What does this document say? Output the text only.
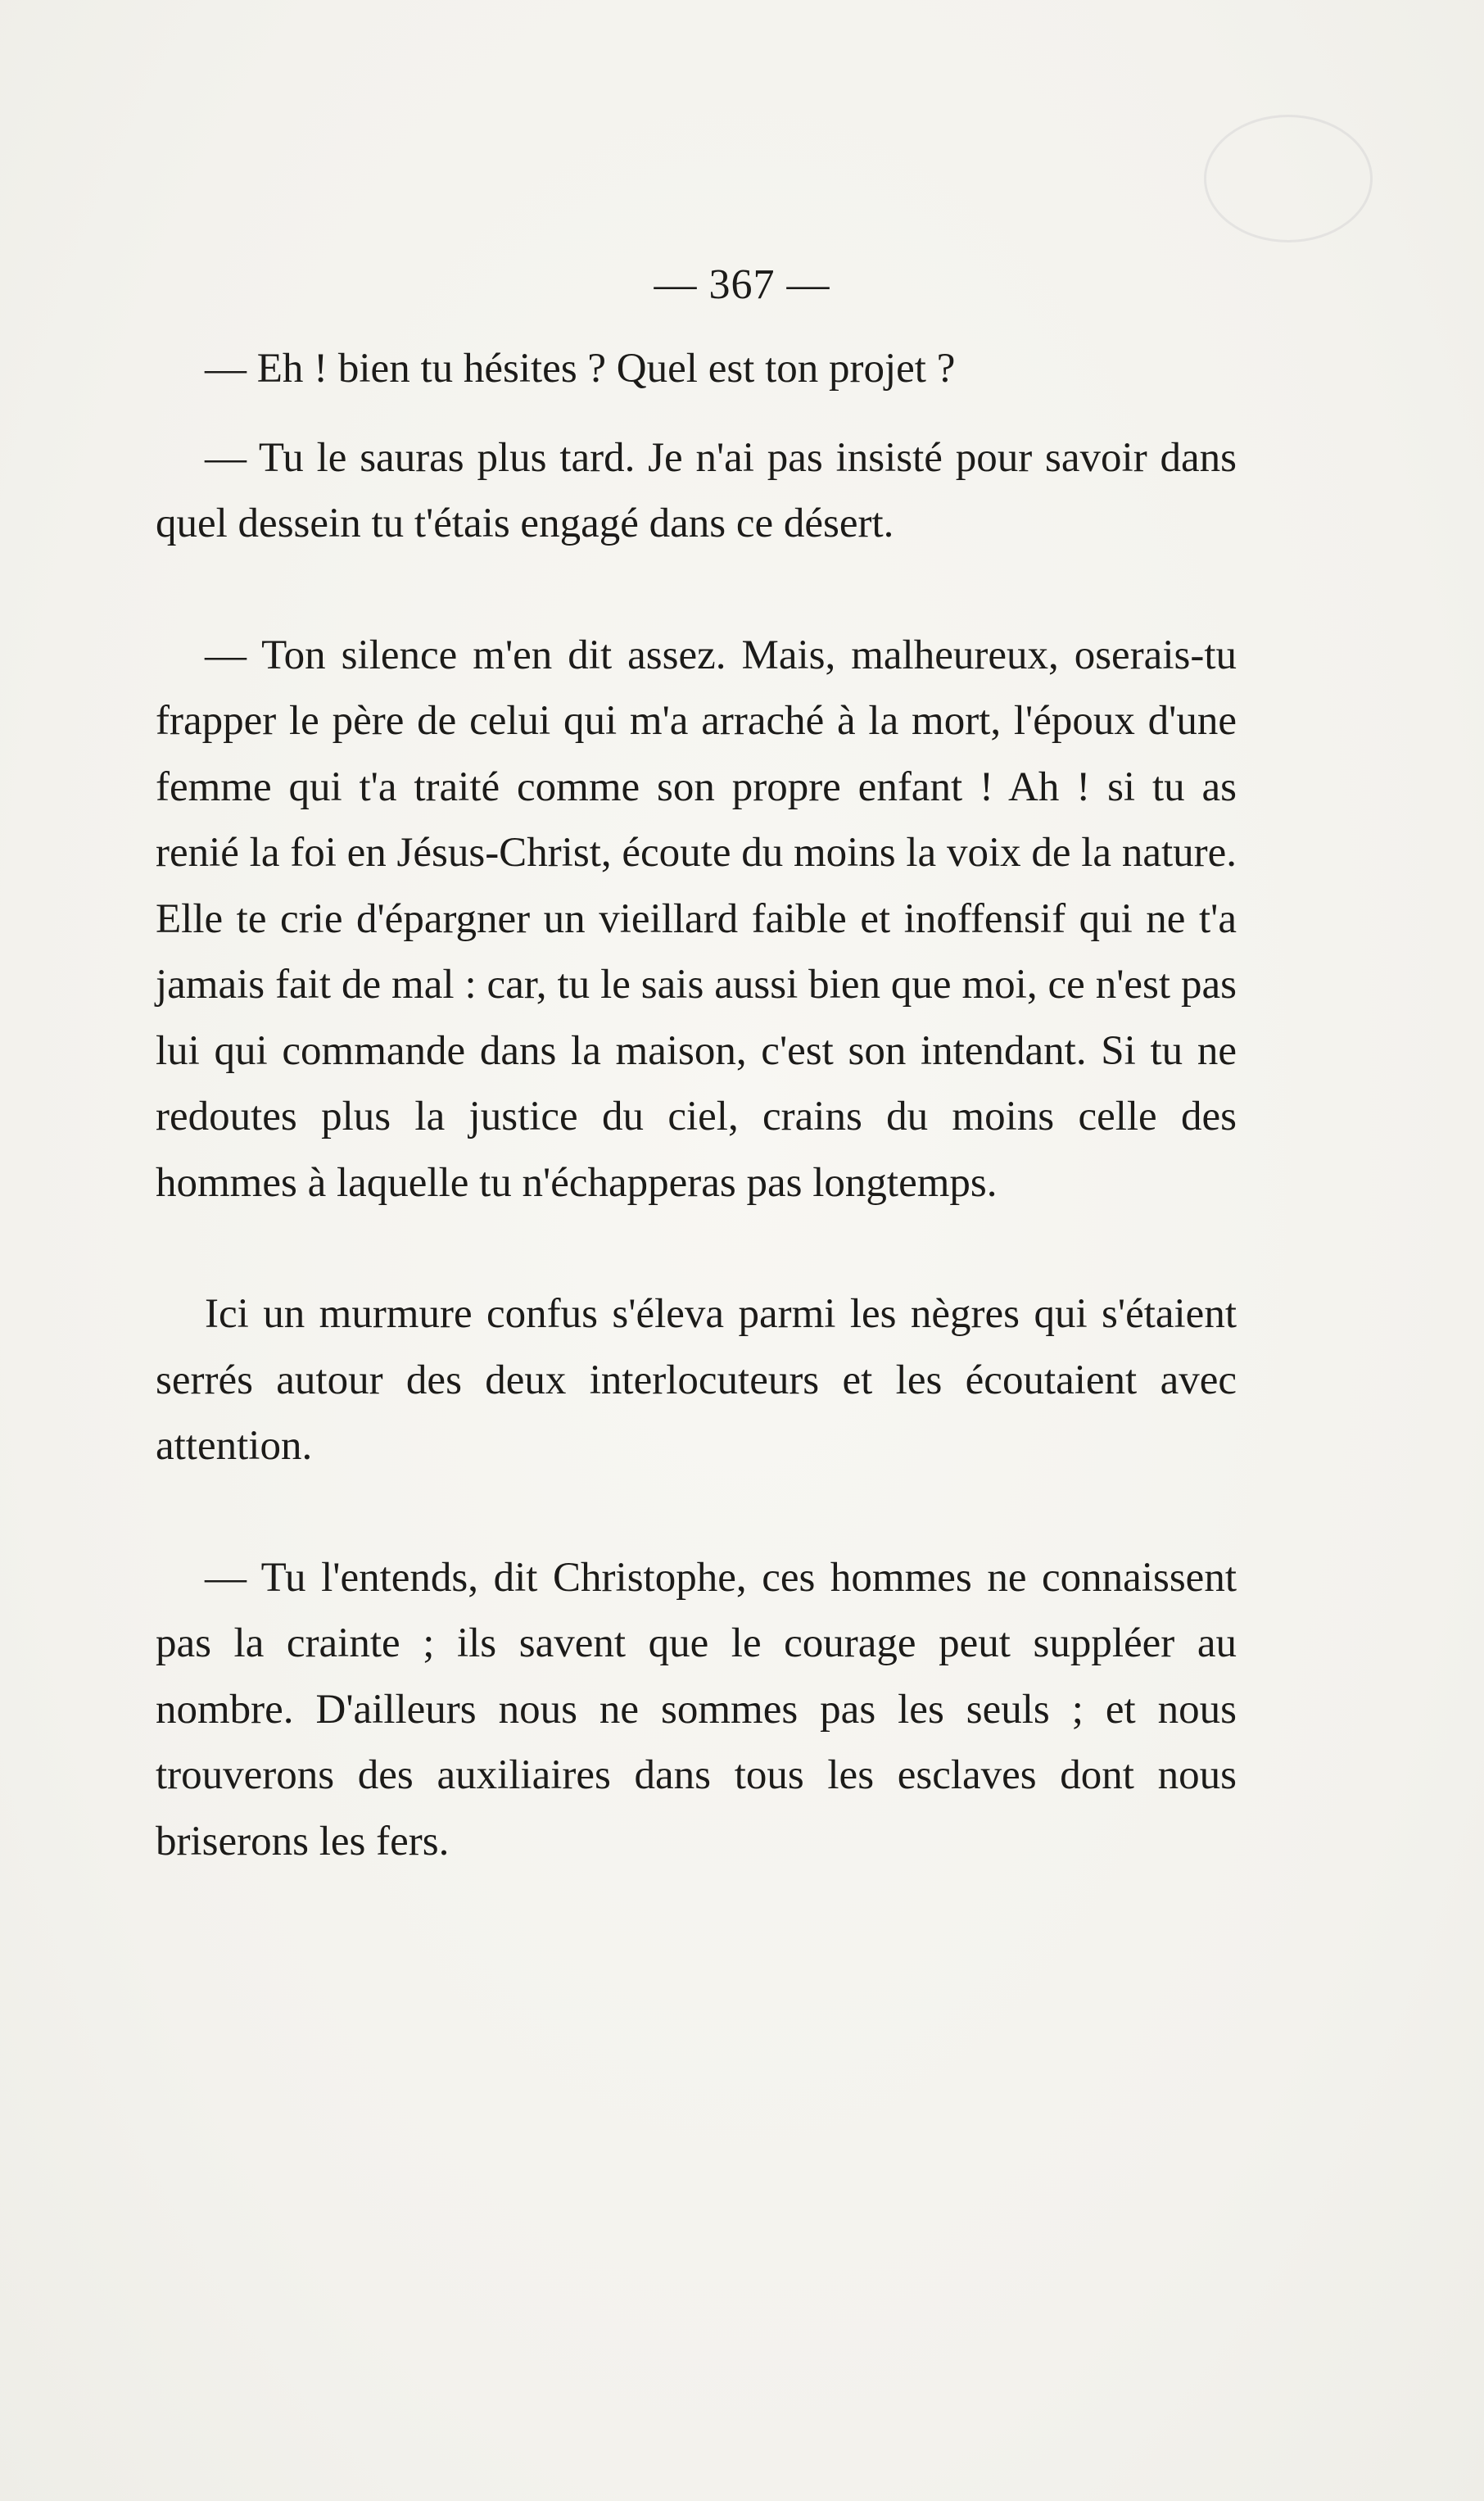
— 367 —

— Eh ! bien tu hésites ? Quel est ton projet ?

— Tu le sauras plus tard. Je n'ai pas insisté pour savoir dans quel dessein tu t'étais engagé dans ce désert.

— Ton silence m'en dit assez. Mais, malheureux, oserais-tu frapper le père de celui qui m'a arraché à la mort, l'époux d'une femme qui t'a traité comme son propre enfant ! Ah ! si tu as renié la foi en Jésus-Christ, écoute du moins la voix de la nature. Elle te crie d'épargner un vieillard faible et inoffensif qui ne t'a jamais fait de mal : car, tu le sais aussi bien que moi, ce n'est pas lui qui commande dans la maison, c'est son intendant. Si tu ne redoutes plus la justice du ciel, crains du moins celle des hommes à laquelle tu n'échapperas pas longtemps.

Ici un murmure confus s'éleva parmi les nègres qui s'étaient serrés autour des deux interlocuteurs et les écoutaient avec attention.

— Tu l'entends, dit Christophe, ces hommes ne connaissent pas la crainte ; ils savent que le courage peut suppléer au nombre. D'ailleurs nous ne sommes pas les seuls ; et nous trouverons des auxiliaires dans tous les esclaves dont nous briserons les fers.
